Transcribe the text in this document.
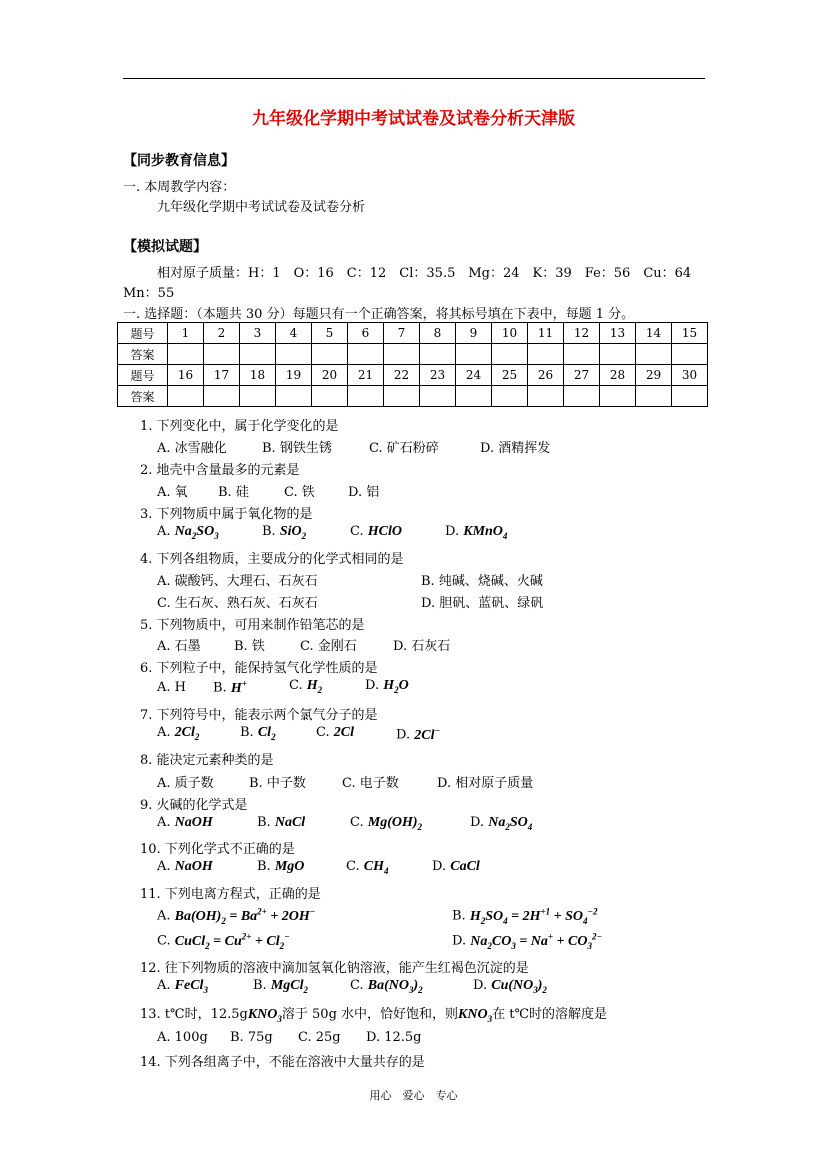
九年级化学期中考试试卷及试卷分析天津版
【同步教育信息】
一. 本周教学内容：
九年级化学期中考试试卷及试卷分析
【模拟试题】
相对原子质量：H：1　O：16　C：12　Cl：35.5　Mg：24　K：39　Fe：56　Cu：64
Mn：55
一. 选择题：（本题共 30 分）每题只有一个正确答案，将其标号填在下表中，每题 1 分。
题号	1	2	3	4	5	6	7	8	9	10	11	12	13	14	15
答案															
题号	16	17	18	19	20	21	22	23	24	25	26	27	28	29	30
答案															
1. 下列变化中，属于化学变化的是
A. 冰雪融化	B. 钢铁生锈	C. 矿石粉碎	D. 酒精挥发
2. 地壳中含量最多的元素是
A. 氧 B. 硅	C. 铁	D. 铝
3. 下列物质中属于氧化物的是
A. $Na_2SO_3$	B. SiO$_2$	C. HClO	D. KMnO$_4$
4. 下列各组物质，主要成分的化学式相同的是
A. 碳酸钙、大理石、石灰石	B. 纯碱、烧碱、火碱
C. 生石灰、熟石灰、石灰石	D. 胆矾、蓝矾、绿矾
5. 下列物质中，可用来制作铅笔芯的是
A. 石墨	B. 铁	C. 金刚石	D. 石灰石
6. 下列粒子中，能保持氢气化学性质的是
A. H B. H+	C. $H_2$	D. $H_2O$
7. 下列符号中，能表示两个氯气分子的是
A. $2Cl_2$	B. $Cl_2$	C. 2Cl	D. 2Cl−
8. 能决定元素种类的是
A. 质子数	B. 中子数	C. 电子数	D. 相对原子质量
9. 火碱的化学式是
A. NaOH	B. NaCl	C. $Mg(OH)_2$	D. $Na_2SO_4$
10. 下列化学式不正确的是
A. NaOH	B. MgO	C. $CH_4$	D. CaCl
11. 下列电离方程式，正确的是
A. $Ba(OH)_2 = Ba^{2+} + 2OH^-$	B. $H_2SO_4 = 2H^{+1} + SO_4^{-2}$
C. CuCl$_2$ = $Cu^{2+} + Cl_2^-$	D. $Na_2CO_3 = Na^+ + CO_3^{2-}$
12. 往下列物质的溶液中滴加氢氧化钠溶液，能产生红褐色沉淀的是
A. FeCl$_3$	B. MgCl$_2$	C. $Ba(NO_3)_2$	D. $Cu(NO_3)_2$
13. t℃时，12.5gKNO$_3$溶于 50g 水中，恰好饱和，则$KNO_3$在 t℃时的溶解度是
A. 100g B. 75g C. 25g D. 12.5g
14. 下列各组离子中，不能在溶液中大量共存的是
用心　爱心　专心
